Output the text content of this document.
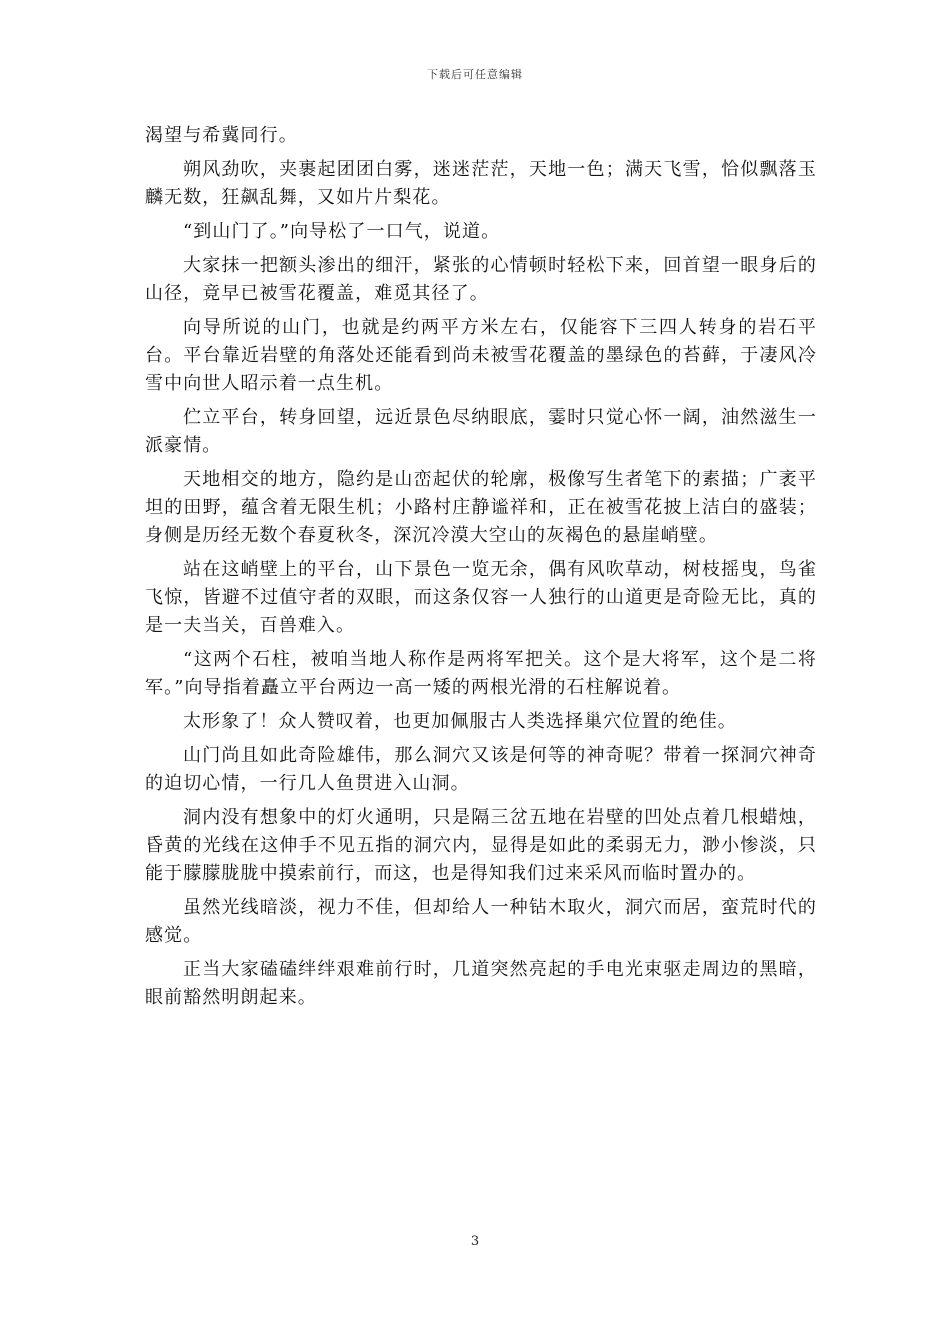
下载后可任意编辑

渴望与希冀同行。

朔风劲吹，夹裹起团团白雾，迷迷茫茫，天地一色；满天飞雪，恰似飘落玉麟无数，狂飙乱舞，又如片片梨花。

“到山门了。”向导松了一口气，说道。

大家抹一把额头渗出的细汗，紧张的心情顿时轻松下来，回首望一眼身后的山径，竟早已被雪花覆盖，难觅其径了。

向导所说的山门，也就是约两平方米左右，仅能容下三四人转身的岩石平台。平台靠近岩壁的角落处还能看到尚未被雪花覆盖的墨绿色的苔藓，于凄风冷雪中向世人昭示着一点生机。

伫立平台，转身回望，远近景色尽纳眼底，霎时只觉心怀一阔，油然滋生一派豪情。

天地相交的地方，隐约是山峦起伏的轮廓，极像写生者笔下的素描；广袤平坦的田野，蕴含着无限生机；小路村庄静谧祥和，正在被雪花披上洁白的盛装；身侧是历经无数个春夏秋冬，深沉冷漠大空山的灰褐色的悬崖峭壁。

站在这峭壁上的平台，山下景色一览无余，偶有风吹草动，树枝摇曳，鸟雀飞惊，皆避不过值守者的双眼，而这条仅容一人独行的山道更是奇险无比，真的是一夫当关，百兽难入。

“这两个石柱，被咱当地人称作是两将军把关。这个是大将军，这个是二将军。”向导指着矗立平台两边一高一矮的两根光滑的石柱解说着。

太形象了！众人赞叹着，也更加佩服古人类选择巢穴位置的绝佳。

山门尚且如此奇险雄伟，那么洞穴又该是何等的神奇呢？带着一探洞穴神奇的迫切心情，一行几人鱼贯进入山洞。

洞内没有想象中的灯火通明，只是隔三岔五地在岩壁的凹处点着几根蜡烛，昏黄的光线在这伸手不见五指的洞穴内，显得是如此的柔弱无力，渺小惨淡，只能于朦朦胧胧中摸索前行，而这，也是得知我们过来采风而临时置办的。

虽然光线暗淡，视力不佳，但却给人一种钻木取火，洞穴而居，蛮荒时代的感觉。

正当大家磕磕绊绊艰难前行时，几道突然亮起的手电光束驱走周边的黑暗，眼前豁然明朗起来。

3
